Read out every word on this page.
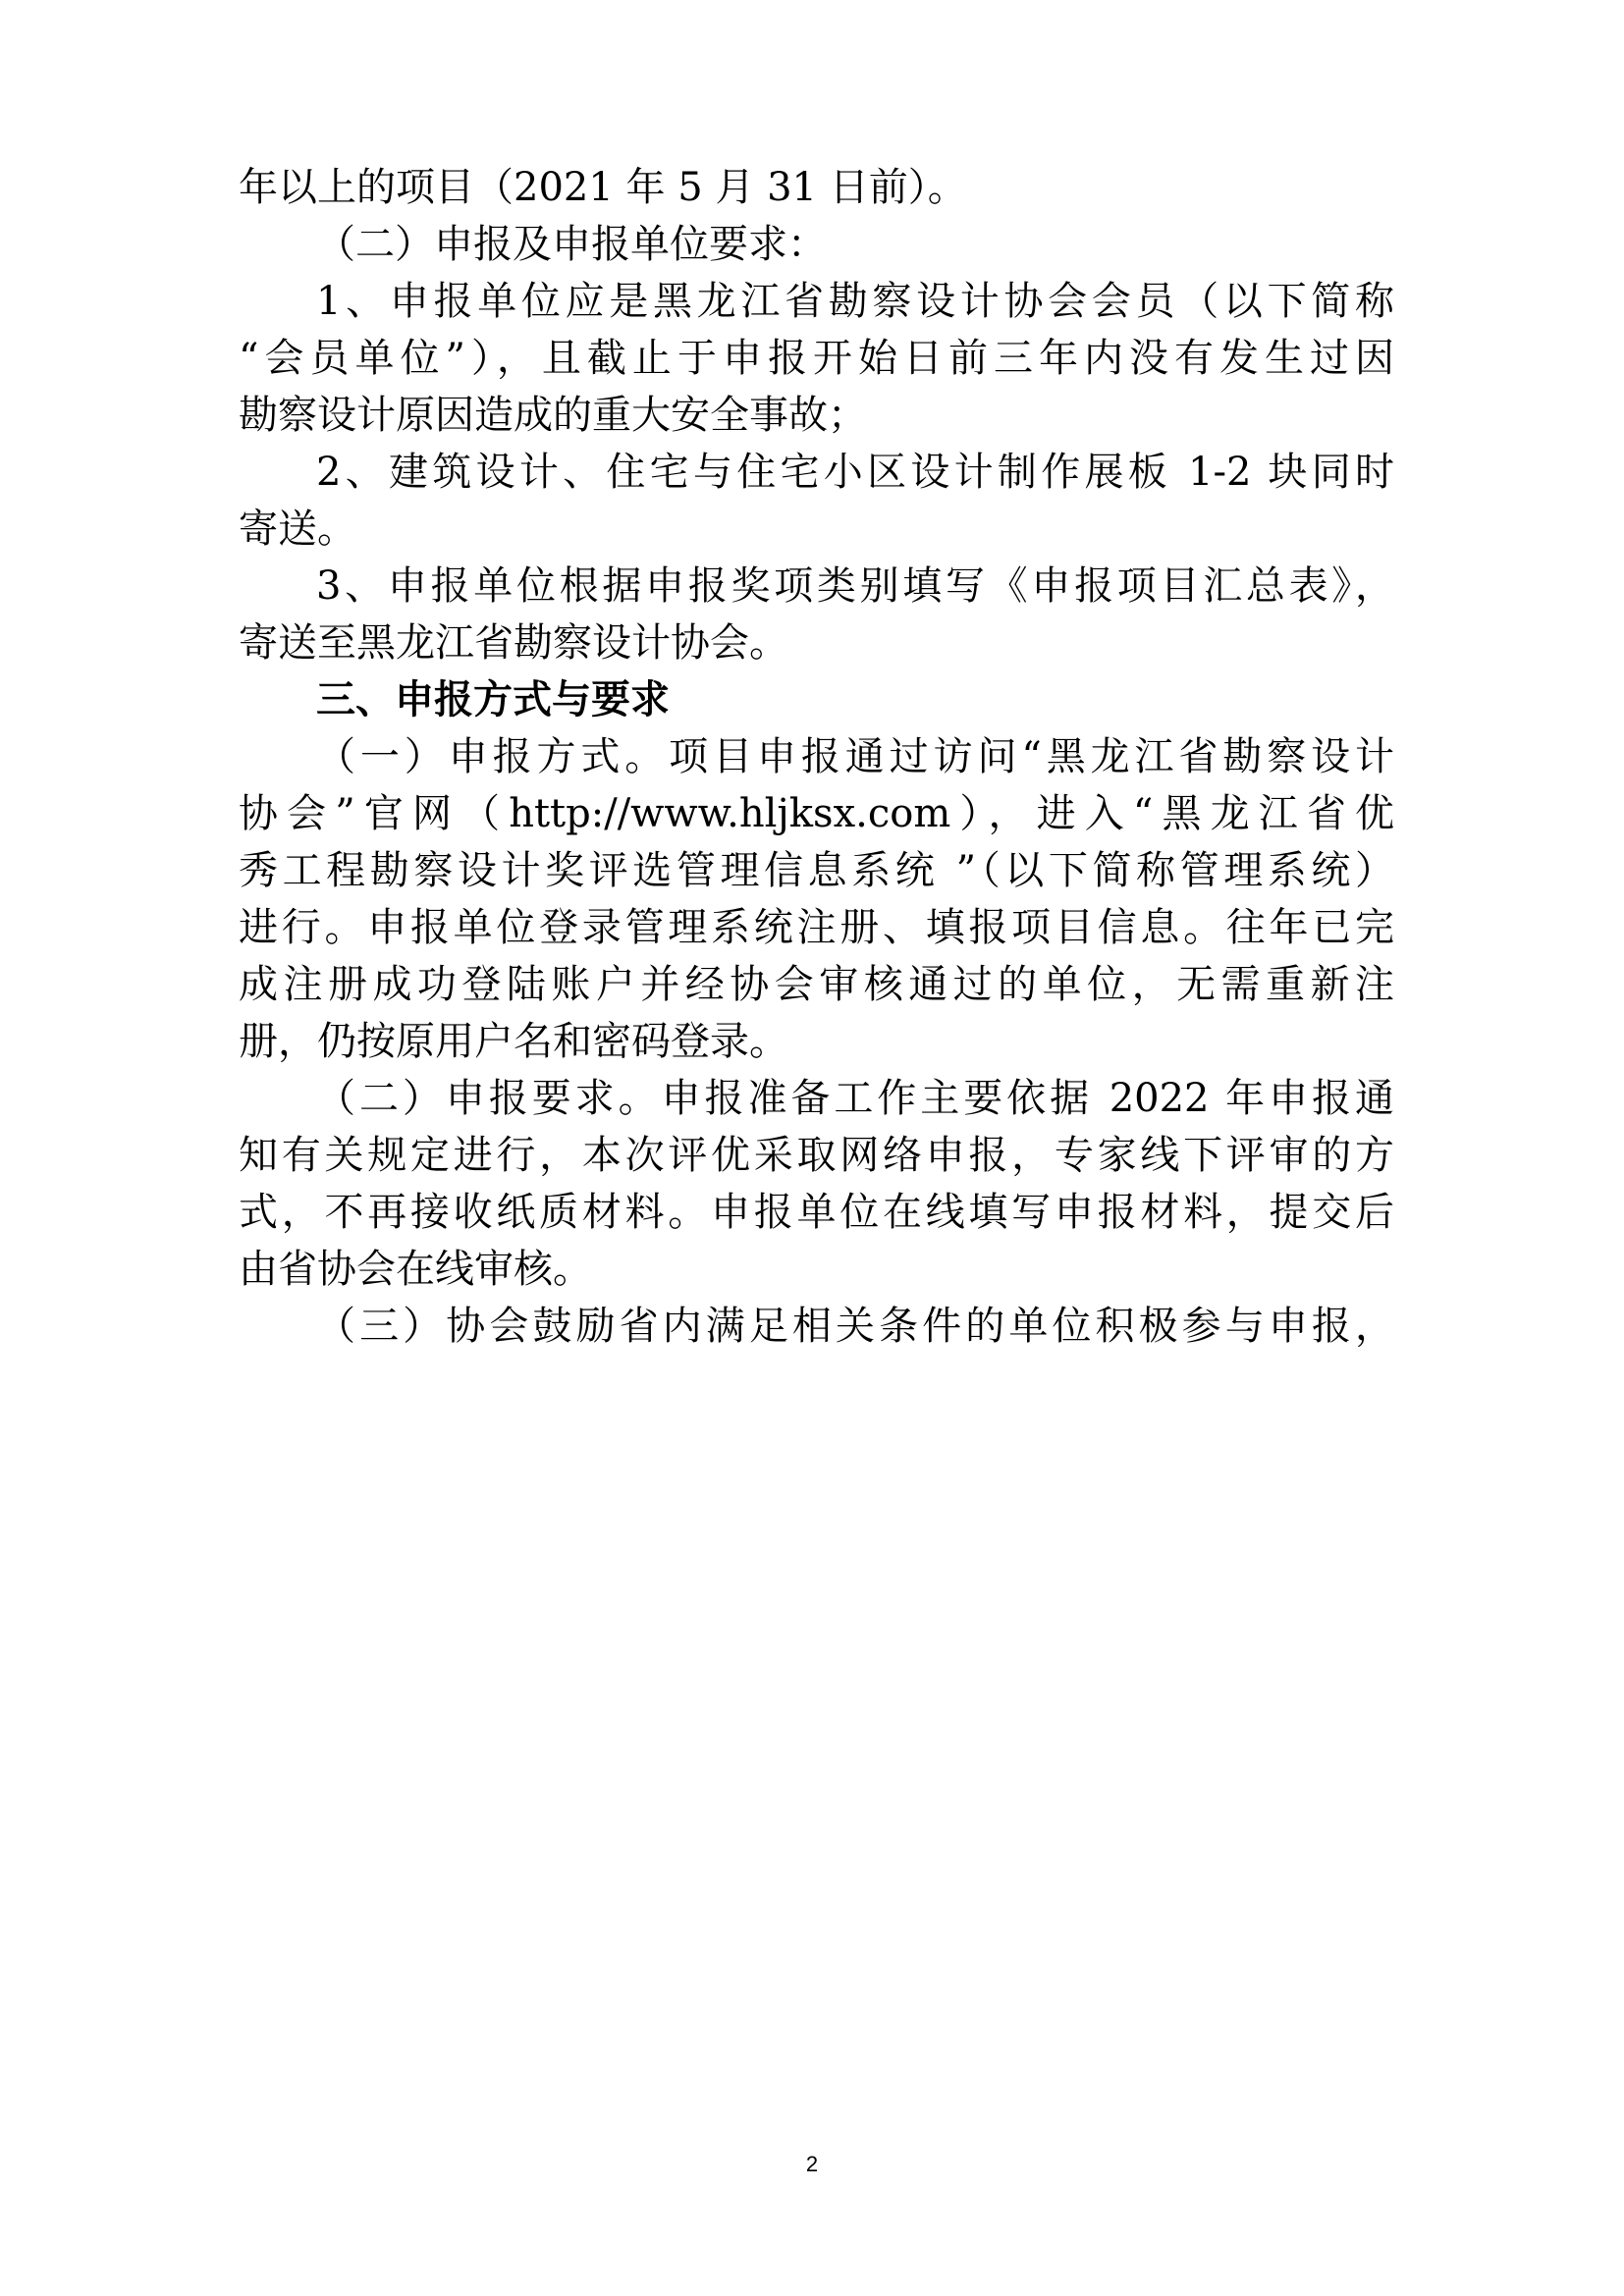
年以上的项目（2021 年 5 月 31 日前）。
（二）申报及申报单位要求：
1、申报单位应是黑龙江省勘察设计协会会员（以下简称
“会员单位”），且截止于申报开始日前三年内没有发生过因
勘察设计原因造成的重大安全事故；
2、建筑设计、住宅与住宅小区设计制作展板 1-2 块同时
寄送。
3、申报单位根据申报奖项类别填写《申报项目汇总表》，
寄送至黑龙江省勘察设计协会。
三、申报方式与要求
（一）申报方式。项目申报通过访问“黑龙江省勘察设计
协会”官网（http://www.hljksx.com），进入“黑龙江省优
秀工程勘察设计奖评选管理信息系统 ”（以下简称管理系统）
进行。申报单位登录管理系统注册、填报项目信息。往年已完
成注册成功登陆账户并经协会审核通过的单位，无需重新注
册，仍按原用户名和密码登录。
（二）申报要求。申报准备工作主要依据 2022 年申报通
知有关规定进行，本次评优采取网络申报，专家线下评审的方
式，不再接收纸质材料。申报单位在线填写申报材料，提交后
由省协会在线审核。
（三）协会鼓励省内满足相关条件的单位积极参与申报，
2
